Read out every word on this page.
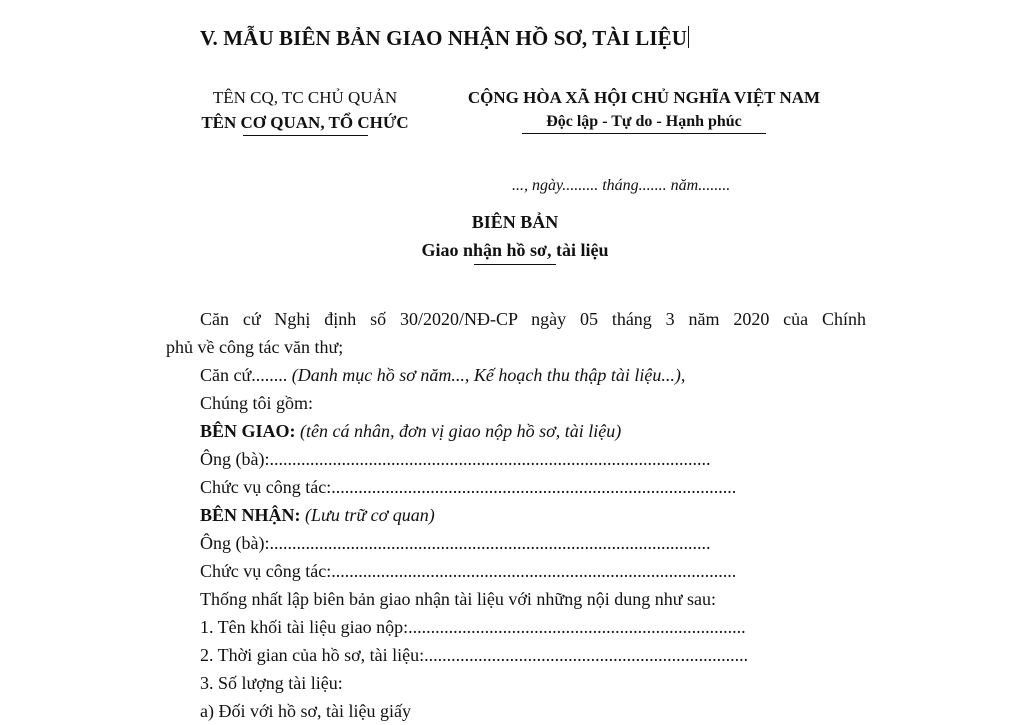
V. MẪU BIÊN BẢN GIAO NHẬN HỒ SƠ, TÀI LIỆU
TÊN CQ, TC CHỦ QUẢN
TÊN CƠ QUAN, TỔ CHỨC
CỘNG HÒA XÃ HỘI CHỦ NGHĨA VIỆT NAM
Độc lập - Tự do - Hạnh phúc
..., ngày......... tháng....... năm........
BIÊN BẢN
Giao nhận hồ sơ, tài liệu

Căn cứ Nghị định số 30/2020/NĐ-CP ngày 05 tháng 3 năm 2020 của Chính

phủ về công tác văn thư;

Căn cứ........ (Danh mục hồ sơ năm..., Kế hoạch thu thập tài liệu...),

Chúng tôi gồm:

BÊN GIAO: (tên cá nhân, đơn vị giao nộp hồ sơ, tài liệu)

Ông (bà):..................................................................................................

Chức vụ công tác:..........................................................................................

BÊN NHẬN: (Lưu trữ cơ quan)

Ông (bà):..................................................................................................

Chức vụ công tác:..........................................................................................

Thống nhất lập biên bản giao nhận tài liệu với những nội dung như sau:

1. Tên khối tài liệu giao nộp:...........................................................................

2. Thời gian của hồ sơ, tài liệu:........................................................................

3. Số lượng tài liệu:

a) Đối với hồ sơ, tài liệu giấy
